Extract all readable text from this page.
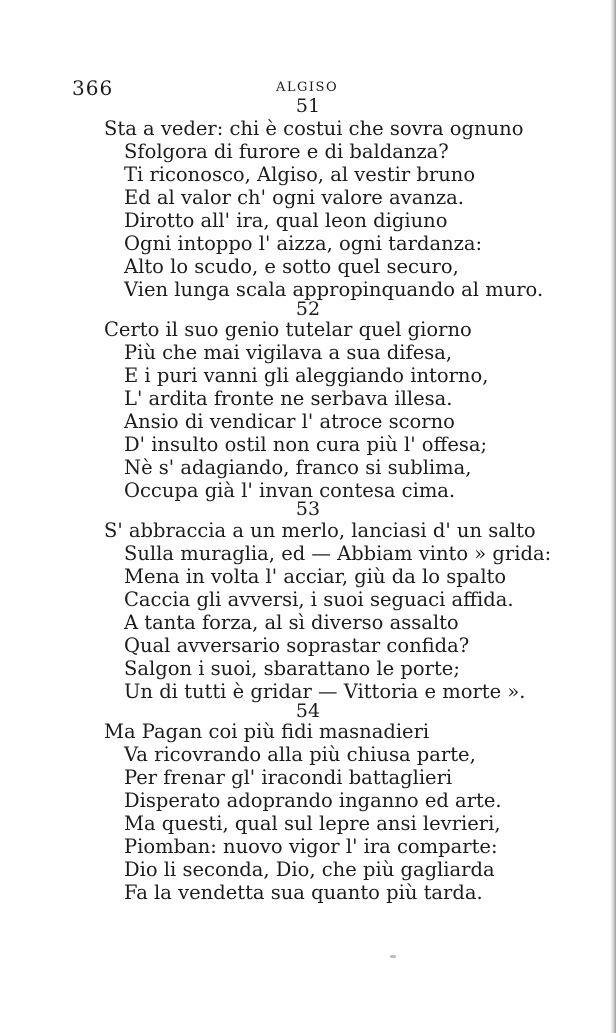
366	ALGISO
51
Sta a veder: chi è costui che sovra ognuno
Sfolgora di furore e di baldanza?
Ti riconosco, Algiso, al vestir bruno
Ed al valor ch' ogni valore avanza.
Dirotto all' ira, qual leon digiuno
Ogni intoppo l' aizza, ogni tardanza:
Alto lo scudo, e sotto quel securo,
Vien lunga scala appropinquando al muro.
52
Certo il suo genio tutelar quel giorno
Più che mai vigilava a sua difesa,
E i puri vanni gli aleggiando intorno,
L' ardita fronte ne serbava illesa.
Ansio di vendicar l' atroce scorno
D' insulto ostil non cura più l' offesa;
Nè s' adagiando, franco si sublima,
Occupa già l' invan contesa cima.
53
S' abbraccia a un merlo, lanciasi d' un salto
Sulla muraglia, ed — Abbiam vinto » grida:
Mena in volta l' acciar, giù da lo spalto
Caccia gli avversi, i suoi seguaci affida.
A tanta forza, al sì diverso assalto
Qual avversario soprastar confida?
Salgon i suoi, sbarattano le porte;
Un di tutti è gridar — Vittoria e morte ».
54
Ma Pagan coi più fidi masnadieri
Va ricovrando alla più chiusa parte,
Per frenar gl' iracondi battaglieri
Disperato adoprando inganno ed arte.
Ma questi, qual sul lepre ansi levrieri,
Piomban: nuovo vigor l' ira comparte:
Dio li seconda, Dio, che più gagliarda
Fa la vendetta sua quanto più tarda.
